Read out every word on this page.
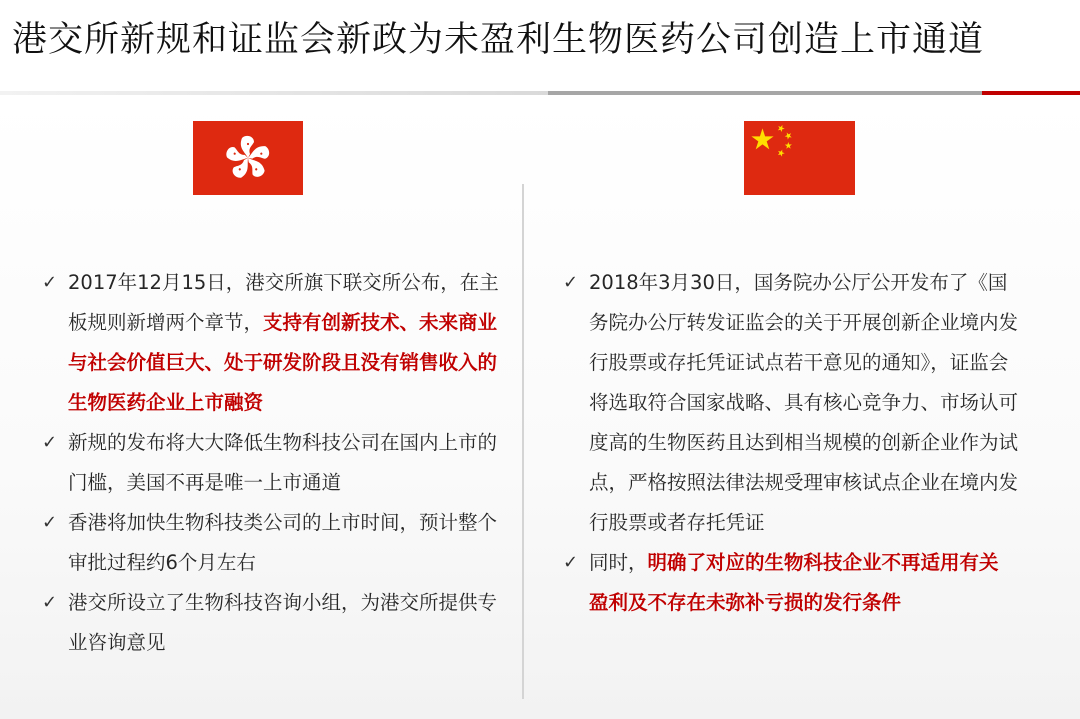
港交所新规和证监会新政为未盈利生物医药公司创造上市通道
✓ 2017年12月15日，港交所旗下联交所公布，在主板规则新增两个章节，支持有创新技术、未来商业与社会价值巨大、处于研发阶段且没有销售收入的生物医药企业上市融资
✓ 新规的发布将大大降低生物科技公司在国内上市的门槛，美国不再是唯一上市通道
✓ 香港将加快生物科技类公司的上市时间，预计整个审批过程约6个月左右
✓ 港交所设立了生物科技咨询小组，为港交所提供专业咨询意见
✓ 2018年3月30日，国务院办公厅公开发布了《国务院办公厅转发证监会的关于开展创新企业境内发行股票或存托凭证试点若干意见的通知》，证监会将选取符合国家战略、具有核心竞争力、市场认可度高的生物医药且达到相当规模的创新企业作为试点，严格按照法律法规受理审核试点企业在境内发行股票或者存托凭证
✓ 同时，明确了对应的生物科技企业不再适用有关盈利及不存在未弥补亏损的发行条件
